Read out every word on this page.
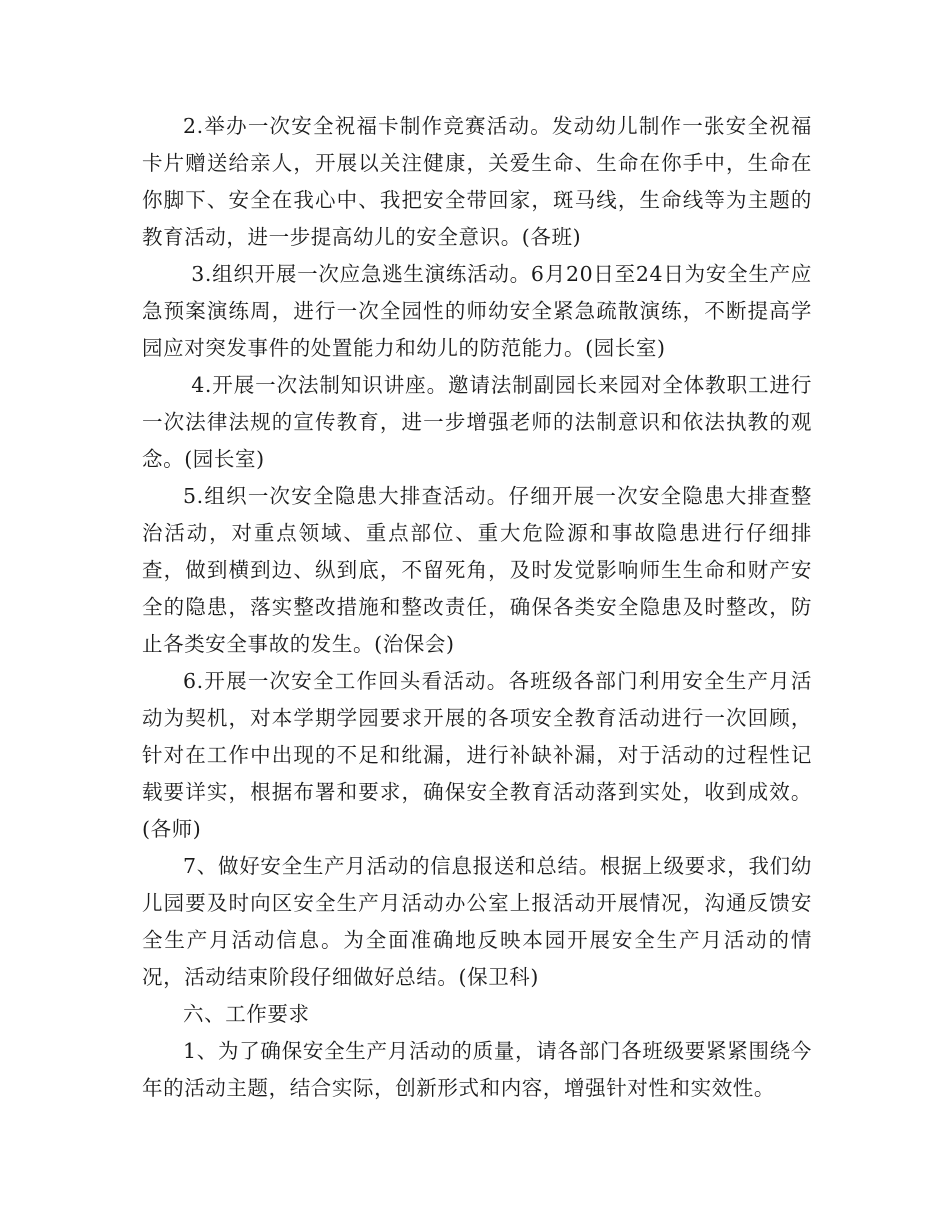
2.举办一次安全祝福卡制作竞赛活动。发动幼儿制作一张安全祝福卡片赠送给亲人，开展以关注健康，关爱生命、生命在你手中，生命在你脚下、安全在我心中、我把安全带回家，斑马线，生命线等为主题的教育活动，进一步提高幼儿的安全意识。(各班)

3.组织开展一次应急逃生演练活动。6月20日至24日为安全生产应急预案演练周，进行一次全园性的师幼安全紧急疏散演练，不断提高学园应对突发事件的处置能力和幼儿的防范能力。(园长室)

4.开展一次法制知识讲座。邀请法制副园长来园对全体教职工进行一次法律法规的宣传教育，进一步增强老师的法制意识和依法执教的观念。(园长室)

5.组织一次安全隐患大排查活动。仔细开展一次安全隐患大排查整治活动，对重点领域、重点部位、重大危险源和事故隐患进行仔细排查，做到横到边、纵到底，不留死角，及时发觉影响师生生命和财产安全的隐患，落实整改措施和整改责任，确保各类安全隐患及时整改，防止各类安全事故的发生。(治保会)

6.开展一次安全工作回头看活动。各班级各部门利用安全生产月活动为契机，对本学期学园要求开展的各项安全教育活动进行一次回顾，针对在工作中出现的不足和纰漏，进行补缺补漏，对于活动的过程性记载要详实，根据布署和要求，确保安全教育活动落到实处，收到成效。(各师)

7、做好安全生产月活动的信息报送和总结。根据上级要求，我们幼儿园要及时向区安全生产月活动办公室上报活动开展情况，沟通反馈安全生产月活动信息。为全面准确地反映本园开展安全生产月活动的情况，活动结束阶段仔细做好总结。(保卫科)

六、工作要求

1、为了确保安全生产月活动的质量，请各部门各班级要紧紧围绕今年的活动主题，结合实际，创新形式和内容，增强针对性和实效性。
